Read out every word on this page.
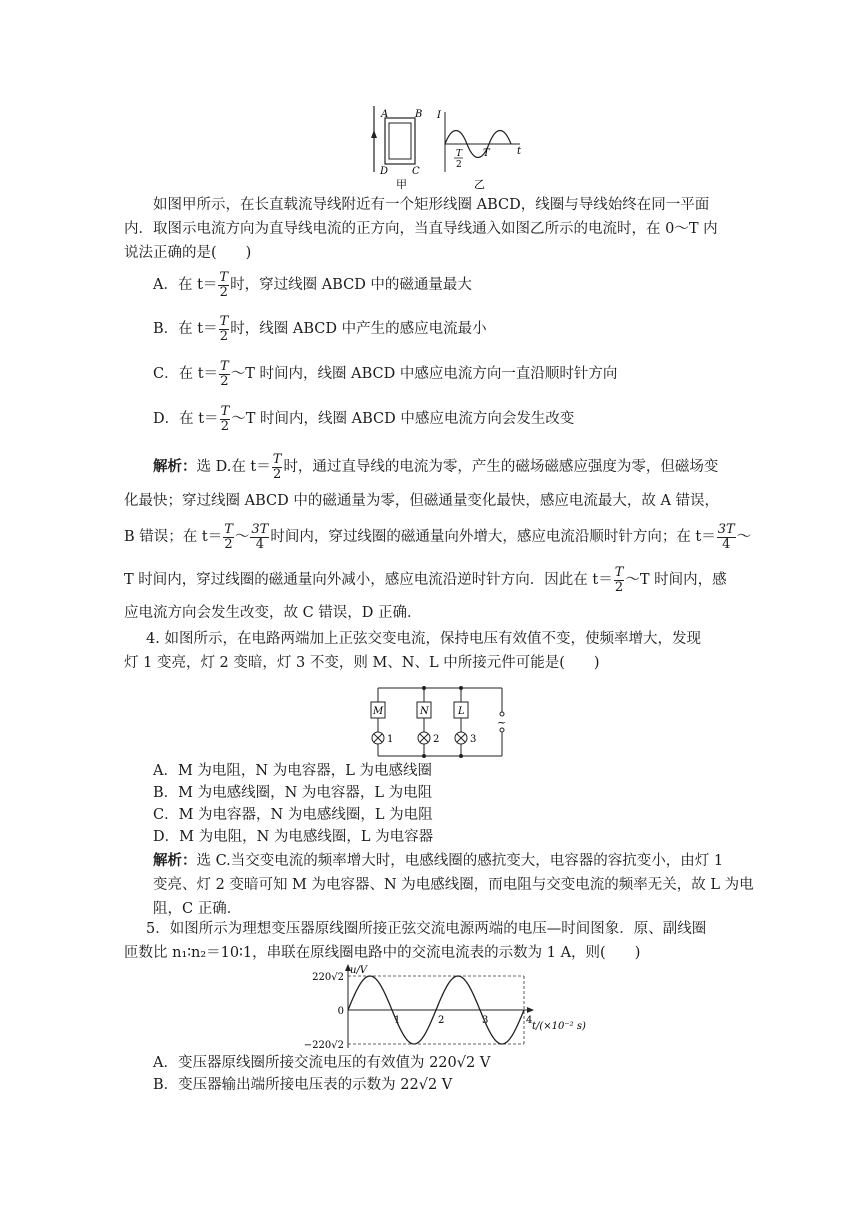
A	B
D C
甲
I
t
T
2
T
乙
如图甲所示，在长直载流导线附近有一个矩形线圈 ABCD，线圈与导线始终在同一平面
内．取图示电流方向为直导线电流的正方向，当直导线通入如图乙所示的电流时，在 0～T 内
说法正确的是(　　)
A．在 $t= \frac{T}{2}$ 时，穿过线圈 ABCD 中的磁通量最大
B．在 $t= \frac{T}{2}$ 时，线圈 ABCD 中产生的感应电流最小
C．在 $t= \frac{T}{2}$ ～T 时间内，线圈 ABCD 中感应电流方向一直沿顺时针方向
D．在 $t= \frac{T}{2}$ ～T 时间内，线圈 ABCD 中感应电流方向会发生改变
解析：选 D.在 $t= \frac{T}{2}$ 时，通过直导线的电流为零，产生的磁场磁感应强度为零，但磁场变
化最快；穿过线圈 ABCD 中的磁通量为零，但磁通量变化最快，感应电流最大，故 A 错误，
B 错误；在 $t= \frac{T}{2}$ ～ $\frac{3T}{4}$ 时间内，穿过线圈的磁通量向外增大，感应电流沿顺时针方向；在 $t= \frac{3T}{4}$ ～
T 时间内，穿过线圈的磁通量向外减小，感应电流沿逆时针方向．因此在 $t= \frac{T}{2}$ ～T 时间内，感
应电流方向会发生改变，故 C 错误，D 正确．
4. 如图所示，在电路两端加上正弦交变电流，保持电压有效值不变，使频率增大，发现
灯 1 变亮，灯 2 变暗，灯 3 不变，则 M、N、L 中所接元件可能是(　　)
M	N	L
1	2	3
~
A．M 为电阻，N 为电容器，L 为电感线圈
B．M 为电感线圈，N 为电容器，L 为电阻
C．M 为电容器，N 为电感线圈，L 为电阻
D．M 为电阻，N 为电感线圈，L 为电容器
解析：选 C.当交变电流的频率增大时，电感线圈的感抗变大，电容器的容抗变小，由灯 1
变亮、灯 2 变暗可知 M 为电容器、N 为电感线圈，而电阻与交变电流的频率无关，故 L 为电
阻，C 正确．
5．如图所示为理想变压器原线圈所接正弦交流电源两端的电压—时间图象．原、副线圈
匝数比 n₁∶n₂＝10∶1，串联在原线圈电路中的交流电流表的示数为 1 A，则(　　)
u/V
t/(×10⁻² s)
220√2
0
−220√2
1	2	3	4
A．变压器原线圈所接交流电压的有效值为 220√2 V
B．变压器输出端所接电压表的示数为 22√2 V
